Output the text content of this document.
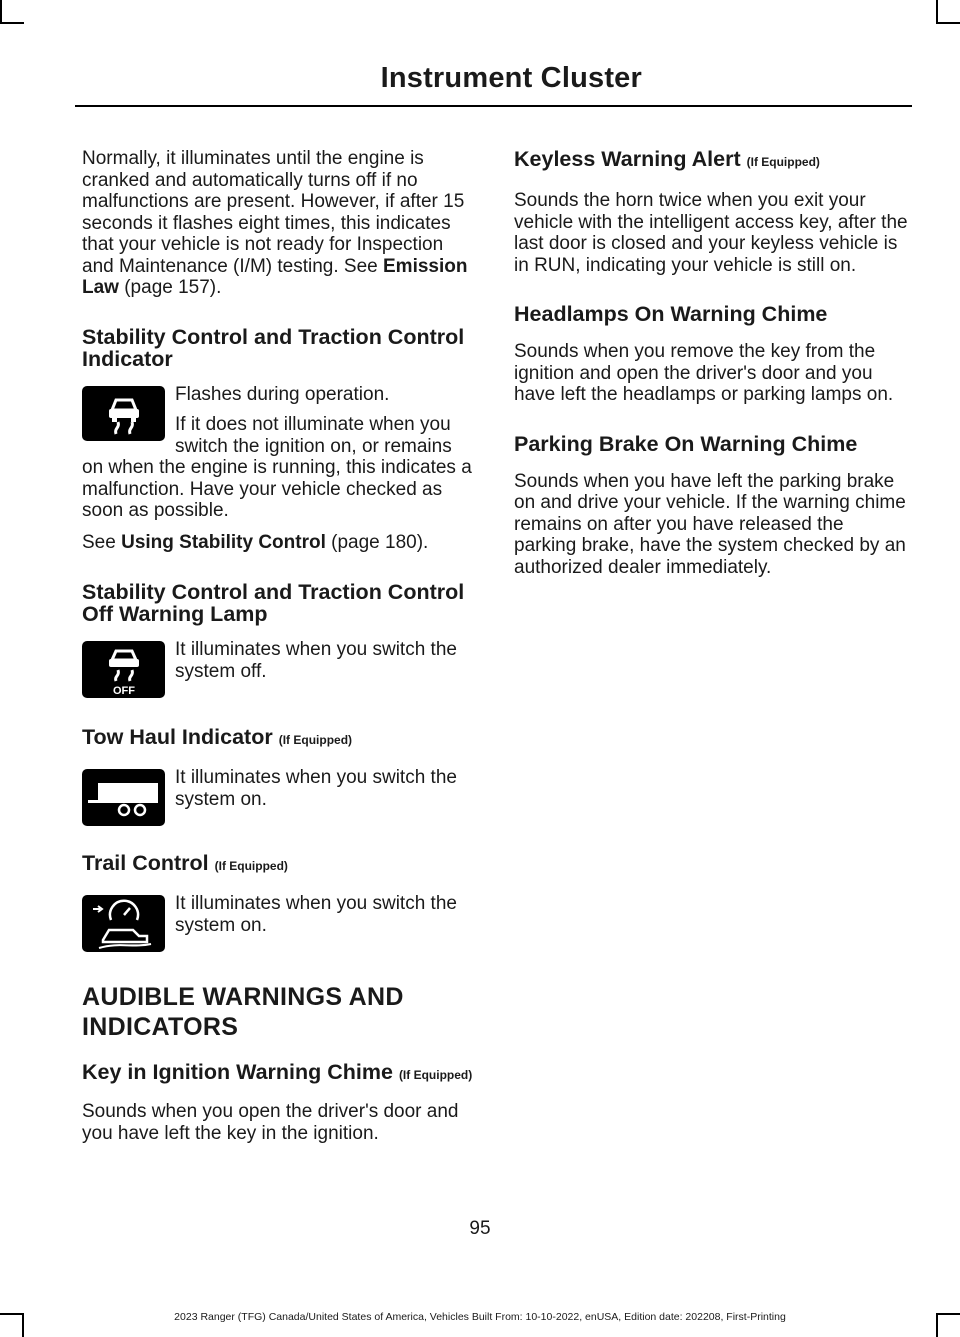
Instrument Cluster

Normally, it illuminates until the engine is cranked and automatically turns off if no malfunctions are present. However, if after 15 seconds it flashes eight times, this indicates that your vehicle is not ready for Inspection and Maintenance (I/M) testing. See Emission Law (page 157).

Stability Control and Traction Control Indicator

Flashes during operation.

If it does not illuminate when you switch the ignition on, or remains on when the engine is running, this indicates a malfunction. Have your vehicle checked as soon as possible.

See Using Stability Control (page 180).

Stability Control and Traction Control Off Warning Lamp
OFF

It illuminates when you switch the system off.

Tow Haul Indicator (If Equipped)

It illuminates when you switch the system on.

Trail Control (If Equipped)

It illuminates when you switch the system on.

AUDIBLE WARNINGS AND INDICATORS
Key in Ignition Warning Chime (If Equipped)

Sounds when you open the driver's door and you have left the key in the ignition.

Keyless Warning Alert (If Equipped)

Sounds the horn twice when you exit your vehicle with the intelligent access key, after the last door is closed and your keyless vehicle is in RUN, indicating your vehicle is still on.

Headlamps On Warning Chime

Sounds when you remove the key from the ignition and open the driver's door and you have left the headlamps or parking lamps on.

Parking Brake On Warning Chime

Sounds when you have left the parking brake on and drive your vehicle. If the warning chime remains on after you have released the parking brake, have the system checked by an authorized dealer immediately.

95
2023 Ranger (TFG) Canada/United States of America, Vehicles Built From: 10-10-2022, enUSA, Edition date: 202208, First-Printing
